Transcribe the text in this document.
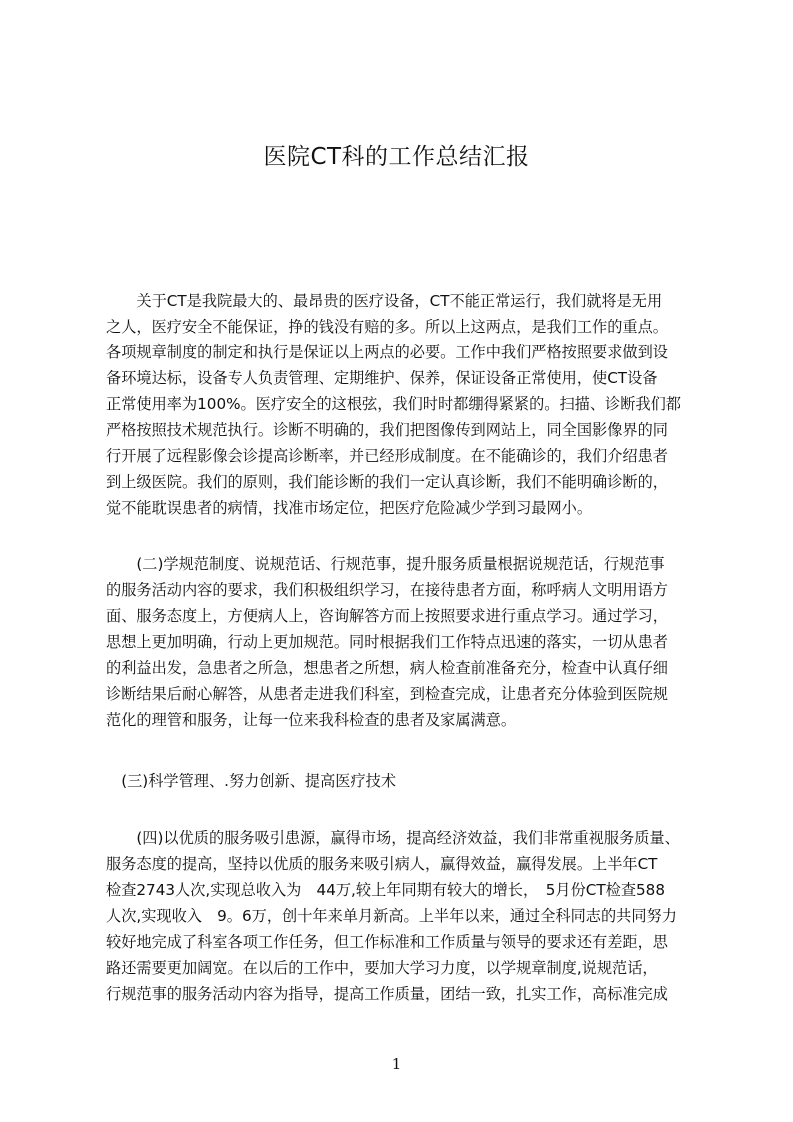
医院CT科的工作总结汇报
　　关于CT是我院最大的、最昂贵的医疗设备，CT不能正常运行，我们就将是无用
之人，医疗安全不能保证，挣的钱没有赔的多。所以上这两点，是我们工作的重点。
各项规章制度的制定和执行是保证以上两点的必要。工作中我们严格按照要求做到设
备环境达标，设备专人负责管理、定期维护、保养，保证设备正常使用，使CT设备
正常使用率为100%。医疗安全的这根弦，我们时时都绷得紧紧的。扫描、诊断我们都
严格按照技术规范执行。诊断不明确的，我们把图像传到网站上，同全国影像界的同
行开展了远程影像会诊提高诊断率，并已经形成制度。在不能确诊的，我们介绍患者
到上级医院。我们的原则，我们能诊断的我们一定认真诊断，我们不能明确诊断的，
觉不能耽误患者的病情，找准市场定位，把医疗危险减少学到习最网小。
　　(二)学规范制度、说规范话、行规范事，提升服务质量根据说规范话，行规范事
的服务活动内容的要求，我们积极组织学习，在接待患者方面，称呼病人文明用语方
面、服务态度上，方便病人上，咨询解答方而上按照要求进行重点学习。通过学习，
思想上更加明确，行动上更加规范。同时根据我们工作特点迅速的落实，一切从患者
的利益出发，急患者之所急，想患者之所想，病人检查前准备充分，检查中认真仔细
诊断结果后耐心解答，从患者走进我们科室，到检查完成，让患者充分体验到医院规
范化的理管和服务，让每一位来我科检查的患者及家属满意。
　(三)科学管理、.努力创新、提高医疗技术
　　(四)以优质的服务吸引患源，赢得市场，提高经济效益，我们非常重视服务质量、
服务态度的提高，坚持以优质的服务来吸引病人，赢得效益，赢得发展。上半年CT
检查2743人次,实现总收入为　44万,较上年同期有较大的增长，　5月份CT检查588
人次,实现收入　9。6万，创十年来单月新高。上半年以来，通过全科同志的共同努力
较好地完成了科室各项工作任务，但工作标准和工作质量与领导的要求还有差距，思
路还需要更加阔宽。在以后的工作中，要加大学习力度，以学规章制度,说规范话，
行规范事的服务活动内容为指导，提高工作质量，团结一致，扎实工作，高标准完成
1
